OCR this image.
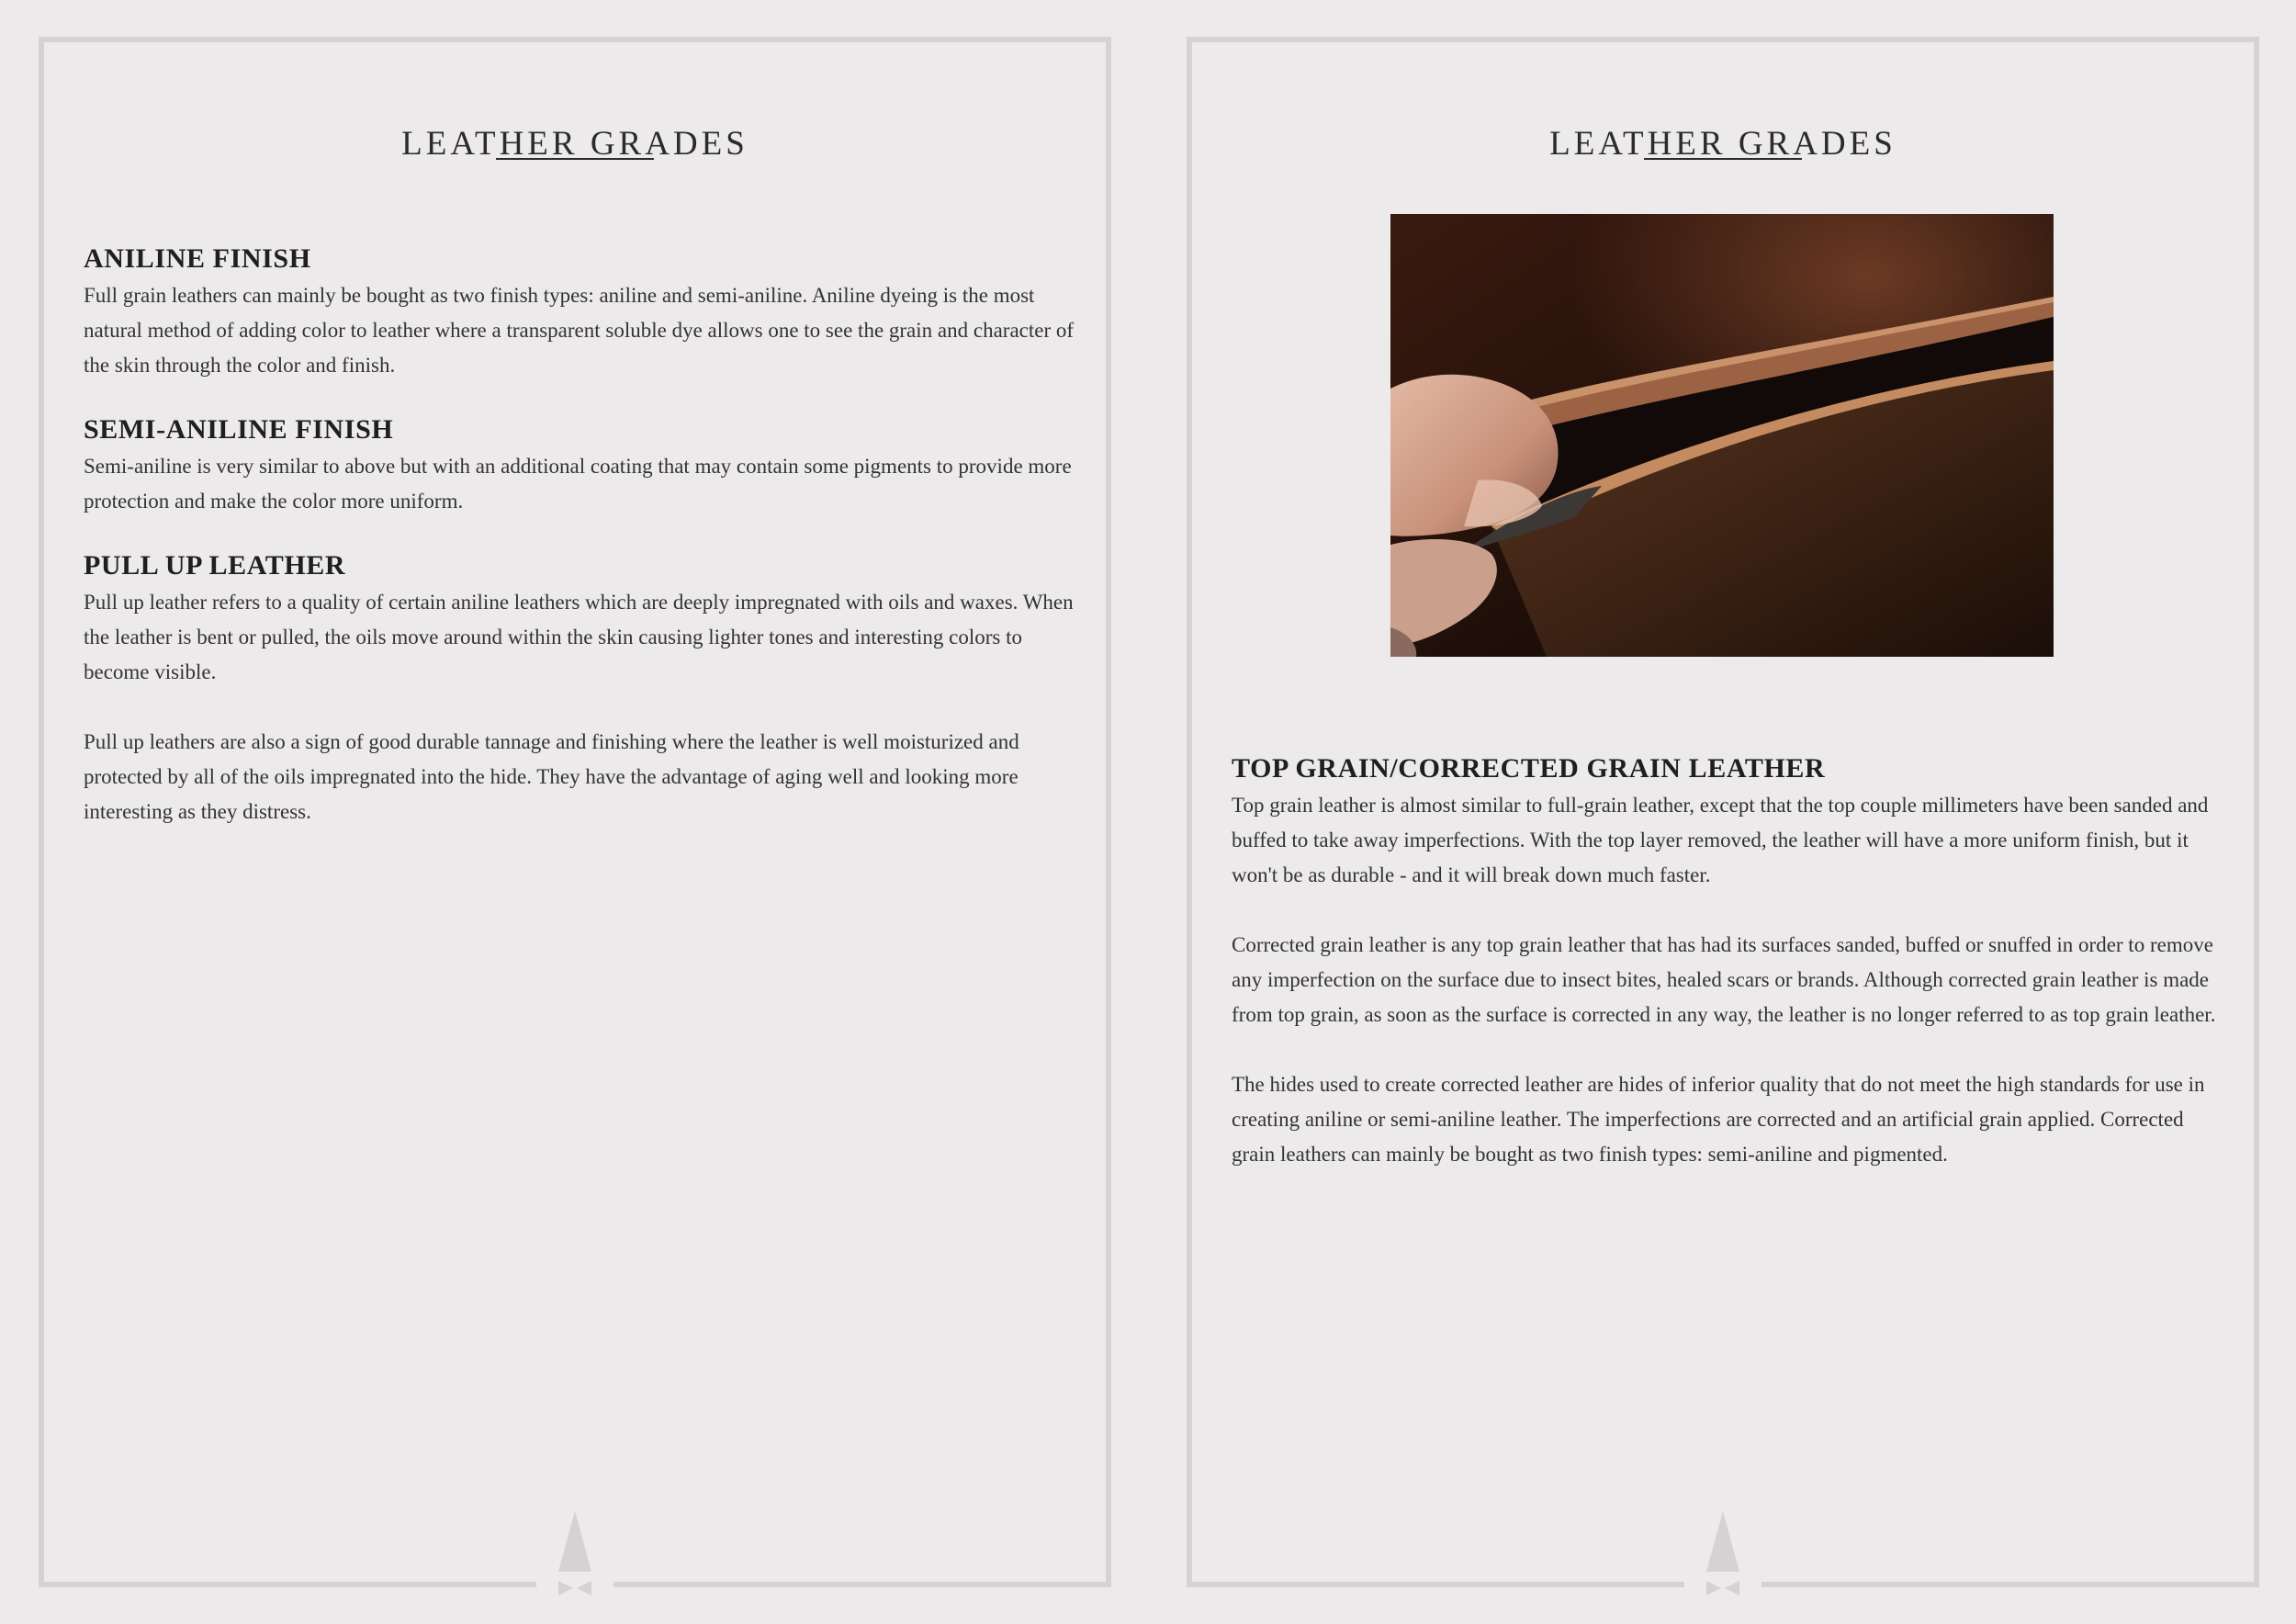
LEATHER GRADES
ANILINE FINISH

Full grain leathers can mainly be bought as two finish types: aniline and semi-aniline. Aniline dyeing is the most natural method of adding color to leather where a transparent soluble dye allows one to see the grain and character of the skin through the color and finish.

SEMI-ANILINE FINISH

Semi-aniline is very similar to above but with an additional coating that may contain some pigments to provide more protection and make the color more uniform.

PULL UP LEATHER

Pull up leather refers to a quality of certain aniline leathers which are deeply impregnated with oils and waxes. When the leather is bent or pulled, the oils move around within the skin causing lighter tones and interesting colors to become visible.

Pull up leathers are also a sign of good durable tannage and finishing where the leather is well moisturized and protected by all of the oils impregnated into the hide. They have the advantage of aging well and looking more interesting as they distress.

LEATHER GRADES
TOP GRAIN/CORRECTED GRAIN LEATHER

Top grain leather is almost similar to full-grain leather, except that the top couple millimeters have been sanded and buffed to take away imperfections. With the top layer removed, the leather will have a more uniform finish, but it won't be as durable - and it will break down much faster.

Corrected grain leather is any top grain leather that has had its surfaces sanded, buffed or snuffed in order to remove any imperfection on the surface due to insect bites, healed scars or brands. Although corrected grain leather is made from top grain, as soon as the surface is corrected in any way, the leather is no longer referred to as top grain leather.

The hides used to create corrected leather are hides of inferior quality that do not meet the high standards for use in creating aniline or semi-aniline leather. The imperfections are corrected and an artificial grain applied. Corrected grain leathers can mainly be bought as two finish types: semi-aniline and pigmented.
